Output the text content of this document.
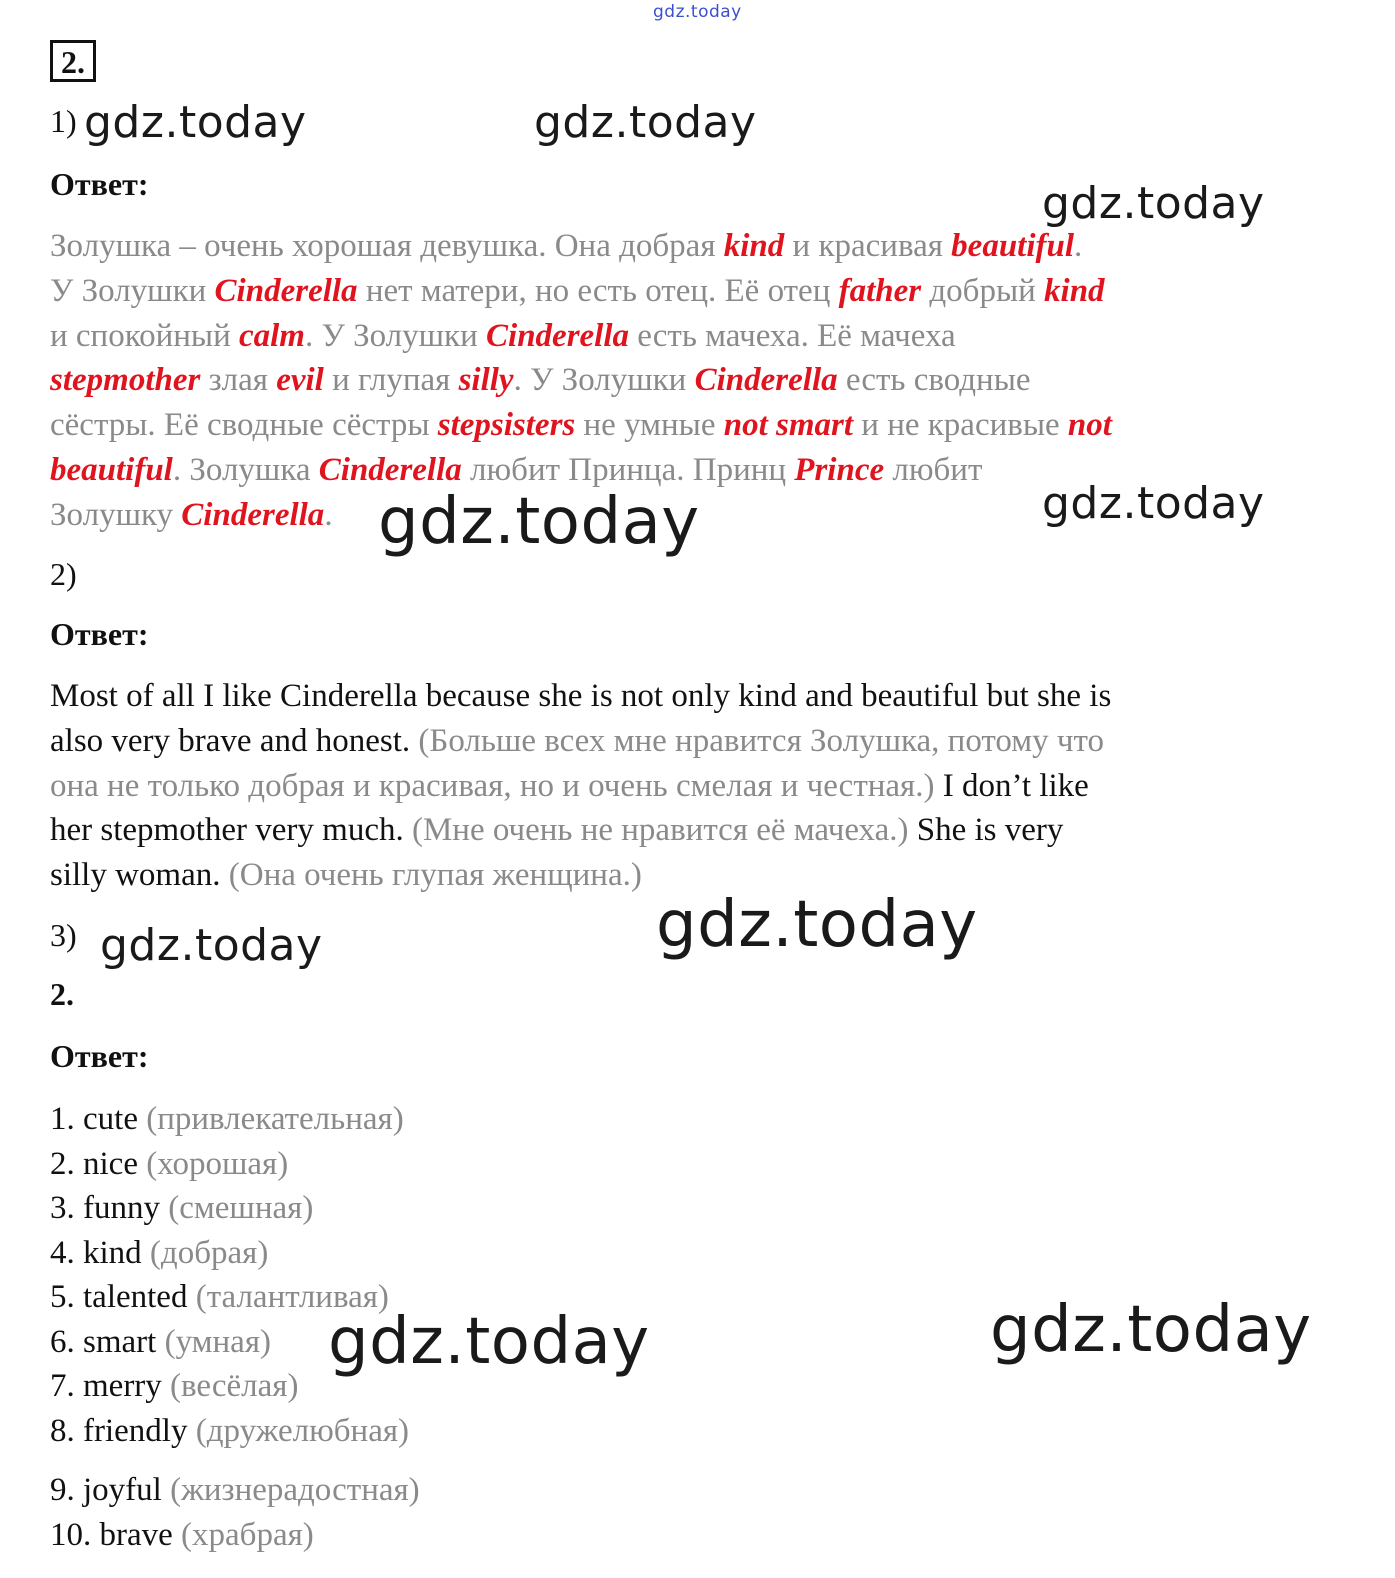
gdz.today
2.
1)
Ответ:
Золушка – очень хорошая девушка. Она добрая kind и красивая beautiful.
У Золушки Cinderella нет матери, но есть отец. Её отец father добрый kind
и спокойный calm. У Золушки Cinderella есть мачеха. Её мачеха
stepmother злая evil и глупая silly. У Золушки Cinderella есть сводные
сёстры. Её сводные сёстры stepsisters не умные not smart и не красивые not
beautiful. Золушка Cinderella любит Принца. Принц Prince любит
Золушку Cinderella.
2)
Ответ:
Most of all I like Cinderella because she is not only kind and beautiful but she is
also very brave and honest. (Больше всех мне нравится Золушка, потому что
она не только добрая и красивая, но и очень смелая и честная.) I don’t like
her stepmother very much. (Мне очень не нравится её мачеха.) She is very
silly woman. (Она очень глупая женщина.)
3)
2.
Ответ:
1. cute (привлекательная)
2. nice (хорошая)
3. funny (смешная)
4. kind (добрая)
5. talented (талантливая)
6. smart (умная)
7. merry (весёлая)
8. friendly (дружелюбная)
9. joyful (жизнерадостная)
10. brave (храбрая)
gdz.today	gdz.today
gdz.today
gdz.today
gdz.today
gdz.today	gdz.today
gdz.today	gdz.today
